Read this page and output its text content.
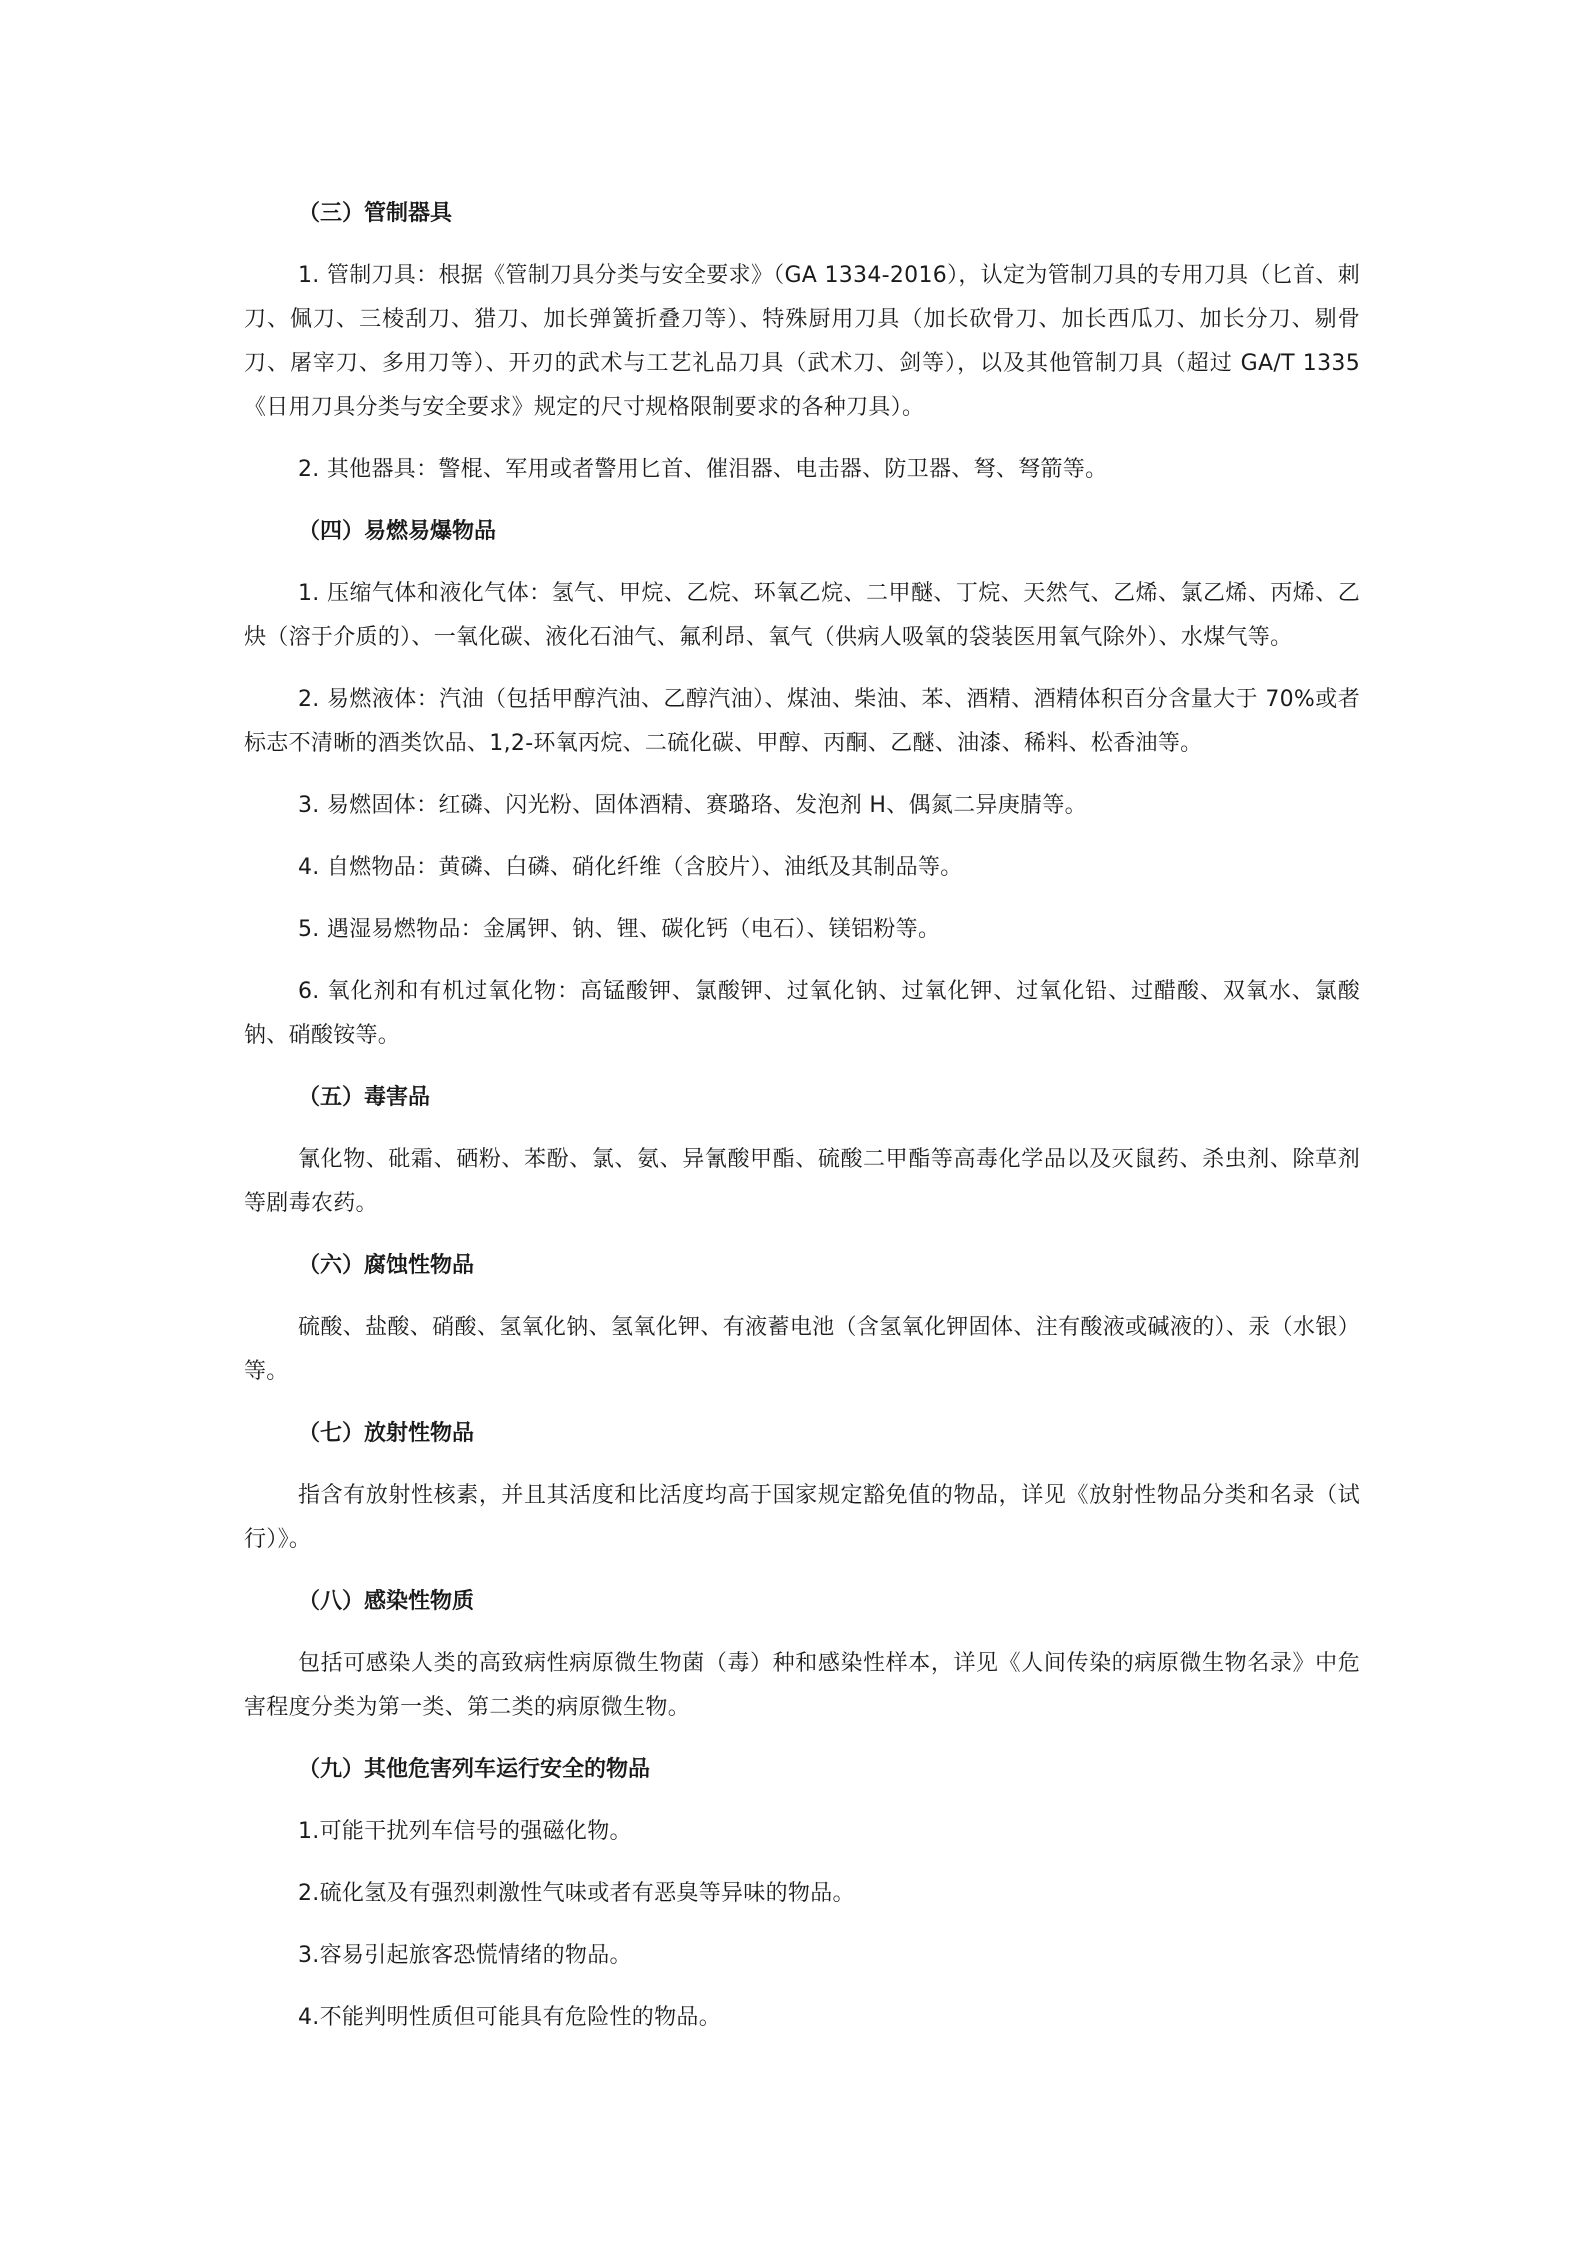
（三）管制器具

1. 管制刀具：根据《管制刀具分类与安全要求》（GA 1334-2016），认定为管制刀具的专用刀具（匕首、刺刀、佩刀、三棱刮刀、猎刀、加长弹簧折叠刀等）、特殊厨用刀具（加长砍骨刀、加长西瓜刀、加长分刀、剔骨刀、屠宰刀、多用刀等）、开刃的武术与工艺礼品刀具（武术刀、剑等），以及其他管制刀具（超过 GA/T 1335《日用刀具分类与安全要求》规定的尺寸规格限制要求的各种刀具）。

2. 其他器具：警棍、军用或者警用匕首、催泪器、电击器、防卫器、弩、弩箭等。

（四）易燃易爆物品

1. 压缩气体和液化气体：氢气、甲烷、乙烷、环氧乙烷、二甲醚、丁烷、天然气、乙烯、氯乙烯、丙烯、乙炔（溶于介质的）、一氧化碳、液化石油气、氟利昂、氧气（供病人吸氧的袋装医用氧气除外）、水煤气等。

2. 易燃液体：汽油（包括甲醇汽油、乙醇汽油）、煤油、柴油、苯、酒精、酒精体积百分含量大于 70%或者标志不清晰的酒类饮品、1,2-环氧丙烷、二硫化碳、甲醇、丙酮、乙醚、油漆、稀料、松香油等。

3. 易燃固体：红磷、闪光粉、固体酒精、赛璐珞、发泡剂 H、偶氮二异庚腈等。

4. 自燃物品：黄磷、白磷、硝化纤维（含胶片）、油纸及其制品等。

5. 遇湿易燃物品：金属钾、钠、锂、碳化钙（电石）、镁铝粉等。

6. 氧化剂和有机过氧化物：高锰酸钾、氯酸钾、过氧化钠、过氧化钾、过氧化铅、过醋酸、双氧水、氯酸钠、硝酸铵等。

（五）毒害品

氰化物、砒霜、硒粉、苯酚、氯、氨、异氰酸甲酯、硫酸二甲酯等高毒化学品以及灭鼠药、杀虫剂、除草剂等剧毒农药。

（六）腐蚀性物品

硫酸、盐酸、硝酸、氢氧化钠、氢氧化钾、有液蓄电池（含氢氧化钾固体、注有酸液或碱液的）、汞（水银）等。

（七）放射性物品

指含有放射性核素，并且其活度和比活度均高于国家规定豁免值的物品，详见《放射性物品分类和名录（试行）》。

（八）感染性物质

包括可感染人类的高致病性病原微生物菌（毒）种和感染性样本，详见《人间传染的病原微生物名录》中危害程度分类为第一类、第二类的病原微生物。

（九）其他危害列车运行安全的物品

1.可能干扰列车信号的强磁化物。

2.硫化氢及有强烈刺激性气味或者有恶臭等异味的物品。

3.容易引起旅客恐慌情绪的物品。

4.不能判明性质但可能具有危险性的物品。
